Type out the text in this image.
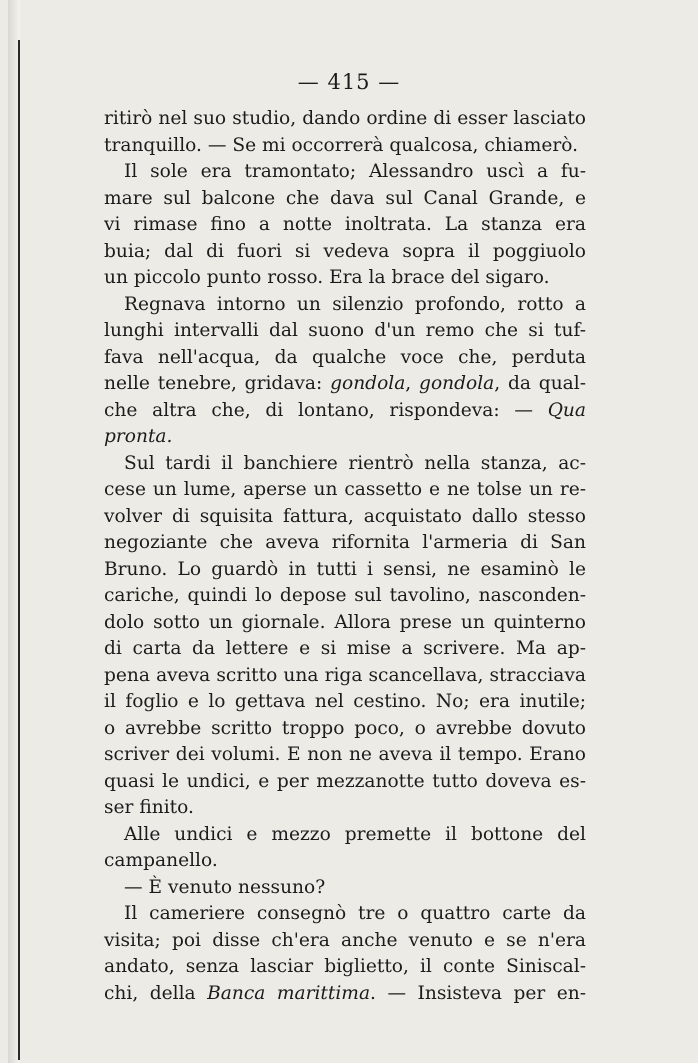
— 415 —
ritirò nel suo studio, dando ordine di esser lasciato
tranquillo. — Se mi occorrerà qualcosa, chiamerò.
Il sole era tramontato; Alessandro uscì a fu-
mare sul balcone che dava sul Canal Grande, e
vi rimase fino a notte inoltrata. La stanza era
buia; dal di fuori si vedeva sopra il poggiuolo
un piccolo punto rosso. Era la brace del sigaro.
Regnava intorno un silenzio profondo, rotto a
lunghi intervalli dal suono d'un remo che si tuf-
fava nell'acqua, da qualche voce che, perduta
nelle tenebre, gridava: gondola, gondola, da qual-
che altra che, di lontano, rispondeva: — Qua
pronta.
Sul tardi il banchiere rientrò nella stanza, ac-
cese un lume, aperse un cassetto e ne tolse un re-
volver di squisita fattura, acquistato dallo stesso
negoziante che aveva rifornita l'armeria di San
Bruno. Lo guardò in tutti i sensi, ne esaminò le
cariche, quindi lo depose sul tavolino, nasconden-
dolo sotto un giornale. Allora prese un quinterno
di carta da lettere e si mise a scrivere. Ma ap-
pena aveva scritto una riga scancellava, stracciava
il foglio e lo gettava nel cestino. No; era inutile;
o avrebbe scritto troppo poco, o avrebbe dovuto
scriver dei volumi. E non ne aveva il tempo. Erano
quasi le undici, e per mezzanotte tutto doveva es-
ser finito.
Alle undici e mezzo premette il bottone del
campanello.
— È venuto nessuno?
Il cameriere consegnò tre o quattro carte da
visita; poi disse ch'era anche venuto e se n'era
andato, senza lasciar biglietto, il conte Siniscal-
chi, della Banca marittima. — Insisteva per en-
